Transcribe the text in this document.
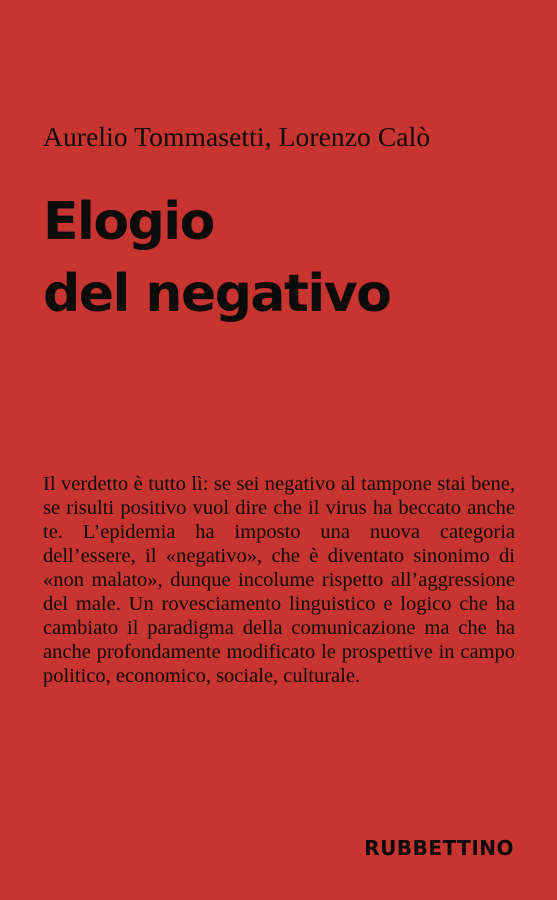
Aurelio Tommasetti, Lorenzo Calò
Elogio
del negativo
Il verdetto è tutto lì: se sei negativo al tampone stai bene, se risulti positivo vuol dire che il virus ha beccato anche te. L’epidemia ha imposto una nuova categoria dell’essere, il «negativo», che è diventato sinonimo di «non malato», dunque incolume rispetto all’aggressione del male. Un rovesciamento linguistico e logico che ha cambiato il paradigma della comunicazione ma che ha anche profondamente modificato le prospettive in campo politico, economico, sociale, culturale.
RUBBETTINO
